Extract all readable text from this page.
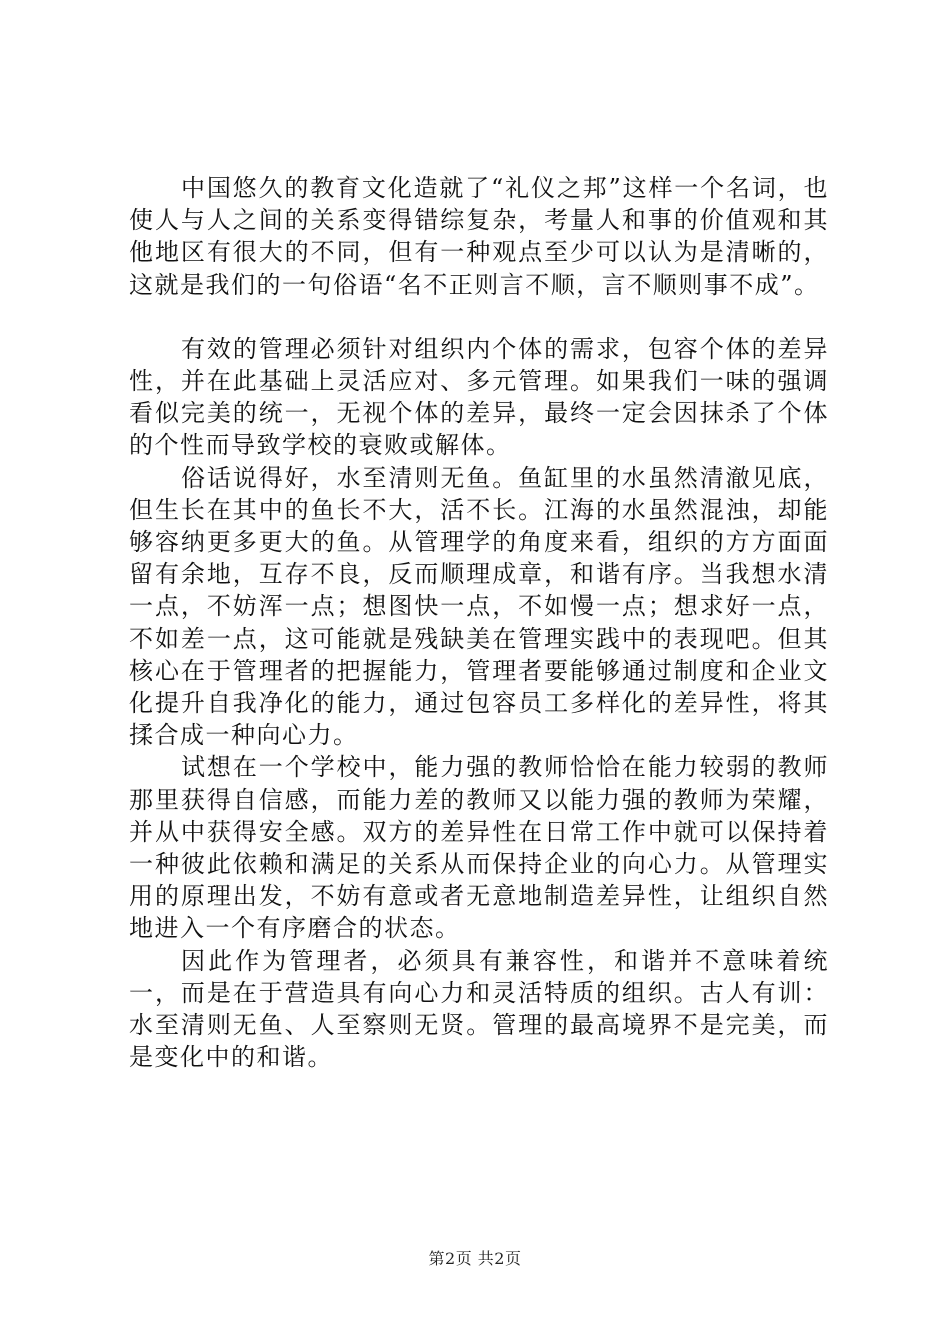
中国悠久的教育文化造就了“礼仪之邦”这样一个名词，也使人与人之间的关系变得错综复杂，考量人和事的价值观和其他地区有很大的不同，但有一种观点至少可以认为是清晰的，这就是我们的一句俗语“名不正则言不顺，言不顺则事不成”。

有效的管理必须针对组织内个体的需求，包容个体的差异性，并在此基础上灵活应对、多元管理。如果我们一味的强调看似完美的统一，无视个体的差异，最终一定会因抹杀了个体的个性而导致学校的衰败或解体。

俗话说得好，水至清则无鱼。鱼缸里的水虽然清澈见底，但生长在其中的鱼长不大，活不长。江海的水虽然混浊，却能够容纳更多更大的鱼。从管理学的角度来看，组织的方方面面留有余地，互存不良，反而顺理成章，和谐有序。当我想水清一点，不妨浑一点；想图快一点，不如慢一点；想求好一点，不如差一点，这可能就是残缺美在管理实践中的表现吧。但其核心在于管理者的把握能力，管理者要能够通过制度和企业文化提升自我净化的能力，通过包容员工多样化的差异性，将其揉合成一种向心力。

试想在一个学校中，能力强的教师恰恰在能力较弱的教师那里获得自信感，而能力差的教师又以能力强的教师为荣耀，并从中获得安全感。双方的差异性在日常工作中就可以保持着一种彼此依赖和满足的关系从而保持企业的向心力。从管理实用的原理出发，不妨有意或者无意地制造差异性，让组织自然地进入一个有序磨合的状态。

因此作为管理者，必须具有兼容性，和谐并不意味着统一，而是在于营造具有向心力和灵活特质的组织。古人有训：水至清则无鱼、人至察则无贤。管理的最高境界不是完美，而是变化中的和谐。

第2页 共2页
